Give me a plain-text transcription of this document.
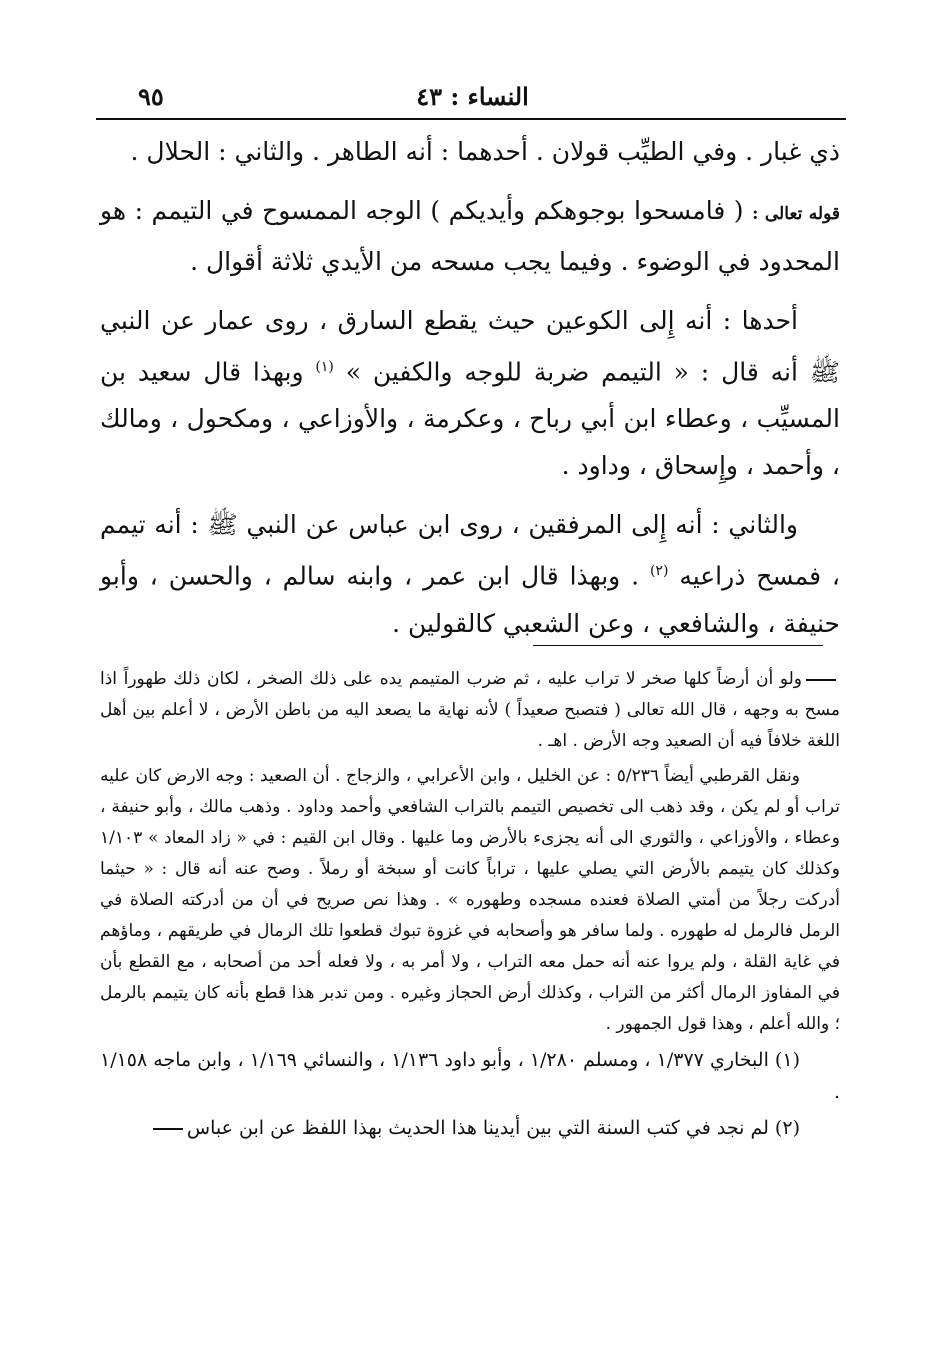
٩٥	النساء : ٤٣

ذي غبار . وفي الطيِّب قولان . أحدهما : أنه الطاهر . والثاني : الحلال .

قوله تعالى : ( فامسحوا بوجوهكم وأيديكم ) الوجه الممسوح في التيمم : هو المحدود في الوضوء . وفيما يجب مسحه من الأيدي ثلاثة أقوال .

أحدها : أنه إِلى الكوعين حيث يقطع السارق ، روى عمار عن النبي ﷺ أنه قال : « التيمم ضربة للوجه والكفين » $^{(١)}$ وبهذا قال سعيد بن المسيِّب ، وعطاء ابن أبي رباح ، وعكرمة ، والأوزاعي ، ومكحول ، ومالك ، وأحمد ، وإِسحاق ، وداود .

والثاني : أنه إِلى المرفقين ، روى ابن عباس عن النبي ﷺ : أنه تيمم ، فمسح ذراعيه $^{(٢)}$ . وبهذا قال ابن عمر ، وابنه سالم ، والحسن ، وأبو حنيفة ، والشافعي ، وعن الشعبي كالقولين .

ولو أن أرضاً كلها صخر لا تراب عليه ، ثم ضرب المتيمم يده على ذلك الصخر ، لكان ذلك طهوراً اذا مسح به وجهه ، قال الله تعالى ( فتصبح صعيداً ) لأنه نهاية ما يصعد اليه من باطن الأرض ، لا أعلم بين أهل اللغة خلافاً فيه أن الصعيد وجه الأرض . اهـ .

ونقل القرطبي أيضاً ٥/٢٣٦ : عن الخليل ، وابن الأعرابي ، والزجاج . أن الصعيد : وجه الارض كان عليه تراب أو لم يكن ، وقد ذهب الى تخصيص التيمم بالتراب الشافعي وأحمد وداود . وذهب مالك ، وأبو حنيفة ، وعطاء ، والأوزاعي ، والثوري الى أنه يجزىء بالأرض وما عليها . وقال ابن القيم : في « زاد المعاد » ١/١٠٣ وكذلك كان يتيمم بالأرض التي يصلي عليها ، تراباً كانت أو سبخة أو رملاً . وصح عنه أنه قال : « حيثما أدركت رجلاً من أمتي الصلاة فعنده مسجده وطهوره » . وهذا نص صريح في أن من أدركته الصلاة في الرمل فالرمل له طهوره . ولما سافر هو وأصحابه في غزوة تبوك قطعوا تلك الرمال في طريقهم ، وماؤهم في غاية القلة ، ولم يروا عنه أنه حمل معه التراب ، ولا أمر به ، ولا فعله أحد من أصحابه ، مع القطع بأن في المفاوز الرمال أكثر من التراب ، وكذلك أرض الحجاز وغيره . ومن تدبر هذا قطع بأنه كان يتيمم بالرمل ؛ والله أعلم ، وهذا قول الجمهور .

(١) البخاري ١/٣٧٧ ، ومسلم ١/٢٨٠ ، وأبو داود ١/١٣٦ ، والنسائي ١/١٦٩ ، وابن ماجه ١/١٥٨ .

(٢) لم نجد في كتب السنة التي بين أيدينا هذا الحديث بهذا اللفظ عن ابن عباس
